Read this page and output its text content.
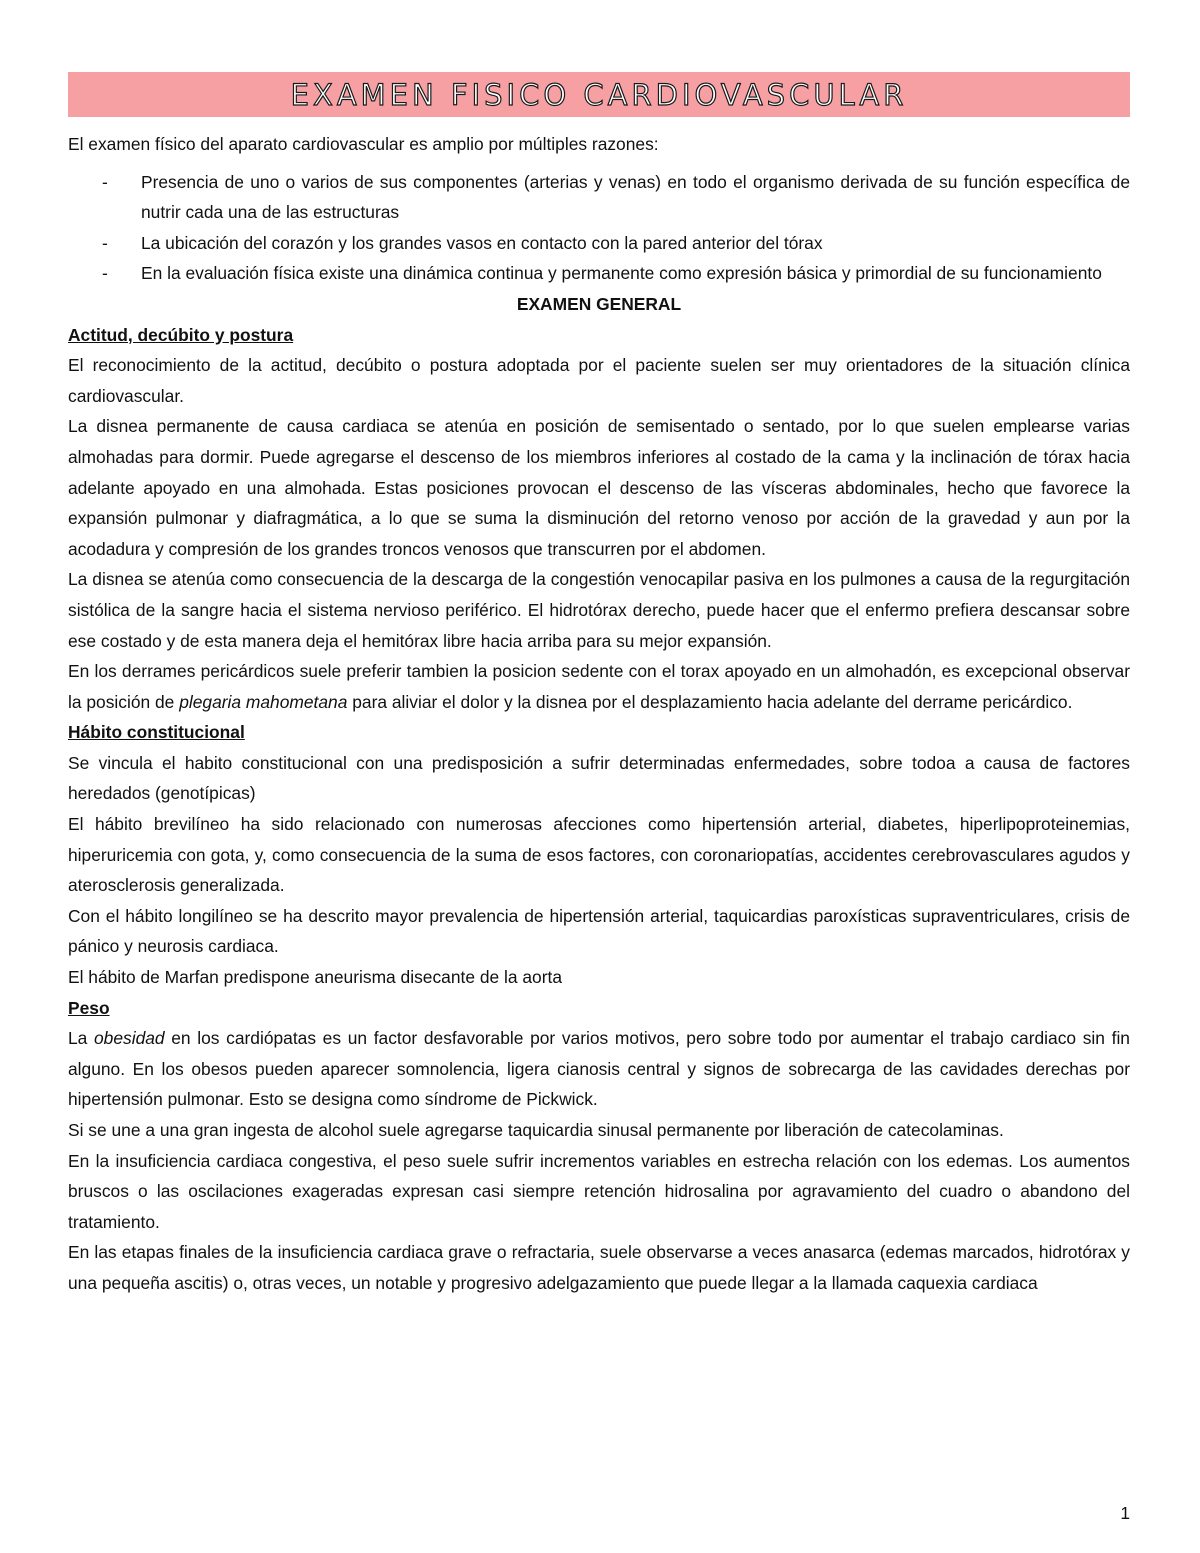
EXAMEN FISICO CARDIOVASCULAR

El examen físico del aparato cardiovascular es amplio por múltiples razones:

- Presencia de uno o varios de sus componentes (arterias y venas) en todo el organismo derivada de su función específica de nutrir cada una de las estructuras
- La ubicación del corazón y los grandes vasos en contacto con la pared anterior del tórax
- En la evaluación física existe una dinámica continua y permanente como expresión básica y primordial de su funcionamiento

EXAMEN GENERAL

Actitud, decúbito y postura

El reconocimiento de la actitud, decúbito o postura adoptada por el paciente suelen ser muy orientadores de la situación clínica cardiovascular.

La disnea permanente de causa cardiaca se atenúa en posición de semisentado o sentado, por lo que suelen emplearse varias almohadas para dormir. Puede agregarse el descenso de los miembros inferiores al costado de la cama y la inclinación de tórax hacia adelante apoyado en una almohada. Estas posiciones provocan el descenso de las vísceras abdominales, hecho que favorece la expansión pulmonar y diafragmática, a lo que se suma la disminución del retorno venoso por acción de la gravedad y aun por la acodadura y compresión de los grandes troncos venosos que transcurren por el abdomen.

La disnea se atenúa como consecuencia de la descarga de la congestión venocapilar pasiva en los pulmones a causa de la regurgitación sistólica de la sangre hacia el sistema nervioso periférico. El hidrotórax derecho, puede hacer que el enfermo prefiera descansar sobre ese costado y de esta manera deja el hemitórax libre hacia arriba para su mejor expansión.

En los derrames pericárdicos suele preferir tambien la posicion sedente con el torax apoyado en un almohadón, es excepcional observar la posición de plegaria mahometana para aliviar el dolor y la disnea por el desplazamiento hacia adelante del derrame pericárdico.

Hábito constitucional

Se vincula el habito constitucional con una predisposición a sufrir determinadas enfermedades, sobre todoa a causa de factores heredados (genotípicas)

El hábito brevilíneo ha sido relacionado con numerosas afecciones como hipertensión arterial, diabetes, hiperlipoproteinemias, hiperuricemia con gota, y, como consecuencia de la suma de esos factores, con coronariopatías, accidentes cerebrovasculares agudos y aterosclerosis generalizada.

Con el hábito longilíneo se ha descrito mayor prevalencia de hipertensión arterial, taquicardias paroxísticas supraventriculares, crisis de pánico y neurosis cardiaca.

El hábito de Marfan predispone aneurisma disecante de la aorta

Peso

La obesidad en los cardiópatas es un factor desfavorable por varios motivos, pero sobre todo por aumentar el trabajo cardiaco sin fin alguno. En los obesos pueden aparecer somnolencia, ligera cianosis central y signos de sobrecarga de las cavidades derechas por hipertensión pulmonar. Esto se designa como síndrome de Pickwick.

Si se une a una gran ingesta de alcohol suele agregarse taquicardia sinusal permanente por liberación de catecolaminas.

En la insuficiencia cardiaca congestiva, el peso suele sufrir incrementos variables en estrecha relación con los edemas. Los aumentos bruscos o las oscilaciones exageradas expresan casi siempre retención hidrosalina por agravamiento del cuadro o abandono del tratamiento.

En las etapas finales de la insuficiencia cardiaca grave o refractaria, suele observarse a veces anasarca (edemas marcados, hidrotórax y una pequeña ascitis) o, otras veces, un notable y progresivo adelgazamiento que puede llegar a la llamada caquexia cardiaca

1
